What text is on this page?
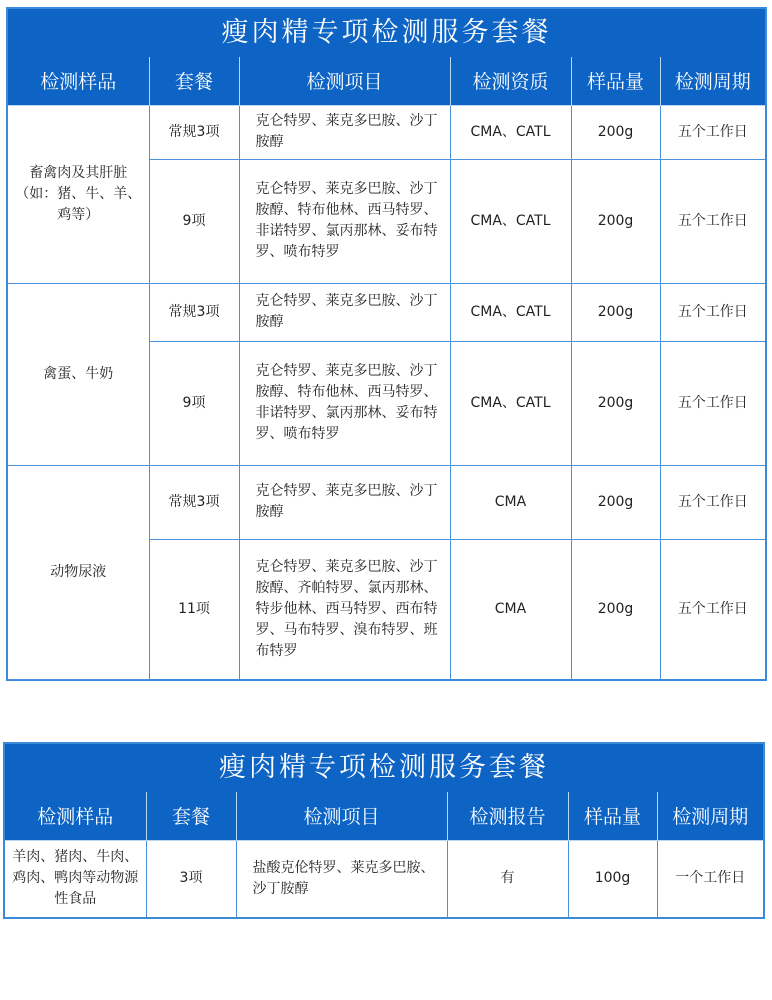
瘦肉精专项检测服务套餐
检测样品	套餐	检测项目	检测资质	样品量	检测周期
畜禽肉及其肝脏（如：猪、牛、羊、鸡等）	常规3项	克仑特罗、莱克多巴胺、沙丁胺醇	CMA、CATL	200g	五个工作日
	9项	克仑特罗、莱克多巴胺、沙丁胺醇、特布他林、西马特罗、非诺特罗、氯丙那林、妥布特罗、喷布特罗	CMA、CATL	200g	五个工作日
禽蛋、牛奶	常规3项	克仑特罗、莱克多巴胺、沙丁胺醇	CMA、CATL	200g	五个工作日
	9项	克仑特罗、莱克多巴胺、沙丁胺醇、特布他林、西马特罗、非诺特罗、氯丙那林、妥布特罗、喷布特罗	CMA、CATL	200g	五个工作日
动物尿液	常规3项	克仑特罗、莱克多巴胺、沙丁胺醇	CMA	200g	五个工作日
	11项	克仑特罗、莱克多巴胺、沙丁胺醇、齐帕特罗、氯丙那林、特步他林、西马特罗、西布特罗、马布特罗、溴布特罗、班布特罗	CMA	200g	五个工作日
瘦肉精专项检测服务套餐
检测样品	套餐	检测项目	检测报告	样品量	检测周期
羊肉、猪肉、牛肉、鸡肉、鸭肉等动物源性食品	3项	盐酸克伦特罗、莱克多巴胺、沙丁胺醇	有	100g	一个工作日
